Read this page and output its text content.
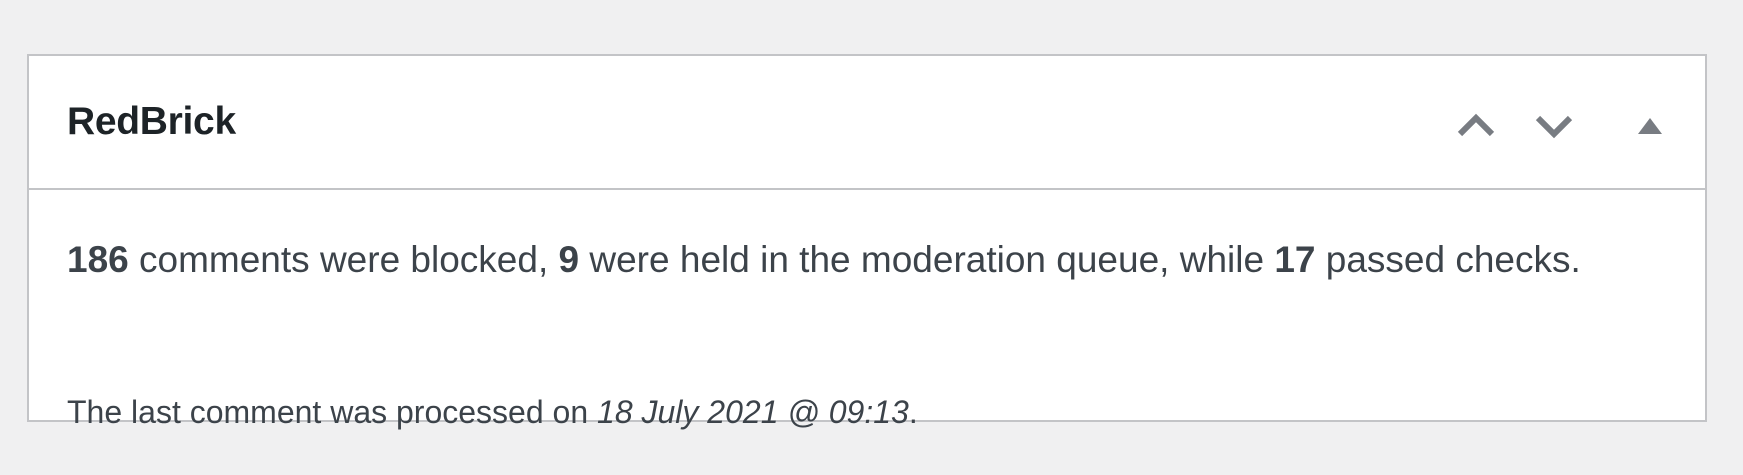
RedBrick

186 comments were blocked, 9 were held in the moderation queue, while 17 passed checks.

The last comment was processed on 18 July 2021 @ 09:13.
